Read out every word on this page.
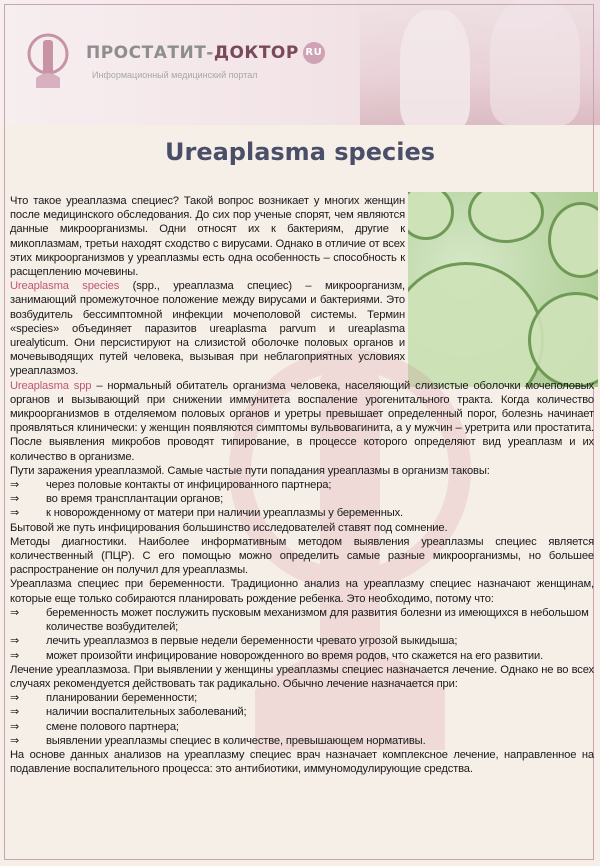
ПРОСТАТИТ-ДОКТОР RU
Информационный медицинский портал
Ureaplasma species

Что такое уреаплазма специес? Такой вопрос возникает у многих женщин после медицинского обследования. До сих пор ученые спорят, чем являются данные микроорганизмы. Одни относят их к бактериям, другие к микоплазмам, третьи находят сходство с вирусами. Однако в отличие от всех этих микроорганизмов у уреаплазмы есть одна особенность – способность к расщеплению мочевины.

Ureaplasma species (spp., уреаплазма специес) – микроорганизм, занимающий промежуточное положение между вирусами и бактериями. Это возбудитель бессимптомной инфекции мочеполовой системы. Термин «species» объединяет паразитов ureaplasma parvum и ureaplasma urealyticum. Они персистируют на слизистой оболочке половых органов и мочевыводящих путей человека, вызывая при неблагоприятных условиях уреаплазмоз.

Ureaplasma spp – нормальный обитатель организма человека, населяющий слизистые оболочки мочеполовых органов и вызывающий при снижении иммунитета воспаление урогенитального тракта. Когда количество микроорганизмов в отделяемом половых органов и уретры превышает определенный порог, болезнь начинает проявляться клинически: у женщин появляются симптомы вульвовагинита, а у мужчин – уретрита или простатита. После выявления микробов проводят типирование, в процессе которого определяют вид уреаплазм и их количество в организме.

Пути заражения уреаплазмой. Самые частые пути попадания уреаплазмы в организм таковы:

⇒	через половые контакты от инфицированного партнера;
⇒	во время трансплантации органов;
⇒	к новорожденному от матери при наличии уреаплазмы у беременных.

Бытовой же путь инфицирования большинство исследователей ставят под сомнение.

Методы диагностики. Наиболее информативным методом выявления уреаплазмы специес является количественный (ПЦР). С его помощью можно определить самые разные микроорганизмы, но большее распространение он получил для уреаплазмы.

Уреаплазма специес при беременности. Традиционно анализ на уреаплазму специес назначают женщинам, которые еще только собираются планировать рождение ребенка. Это необходимо, потому что:

⇒	беременность может послужить пусковым механизмом для развития болезни из имеющихся в небольшом количестве возбудителей;
⇒	лечить уреаплазмоз в первые недели беременности чревато угрозой выкидыша;
⇒	может произойти инфицирование новорожденного во время родов, что скажется на его развитии.

Лечение уреаплазмоза. При выявлении у женщины уреаплазмы специес назначается лечение. Однако не во всех случаях рекомендуется действовать так радикально. Обычно лечение назначается при:

⇒	планировании беременности;
⇒	наличии воспалительных заболеваний;
⇒	смене полового партнера;
⇒	выявлении уреаплазмы специес в количестве, превышающем нормативы.

На основе данных анализов на уреаплазму специес врач назначает комплексное лечение, направленное на подавление воспалительного процесса: это антибиотики, иммуномодулирующие средства.
